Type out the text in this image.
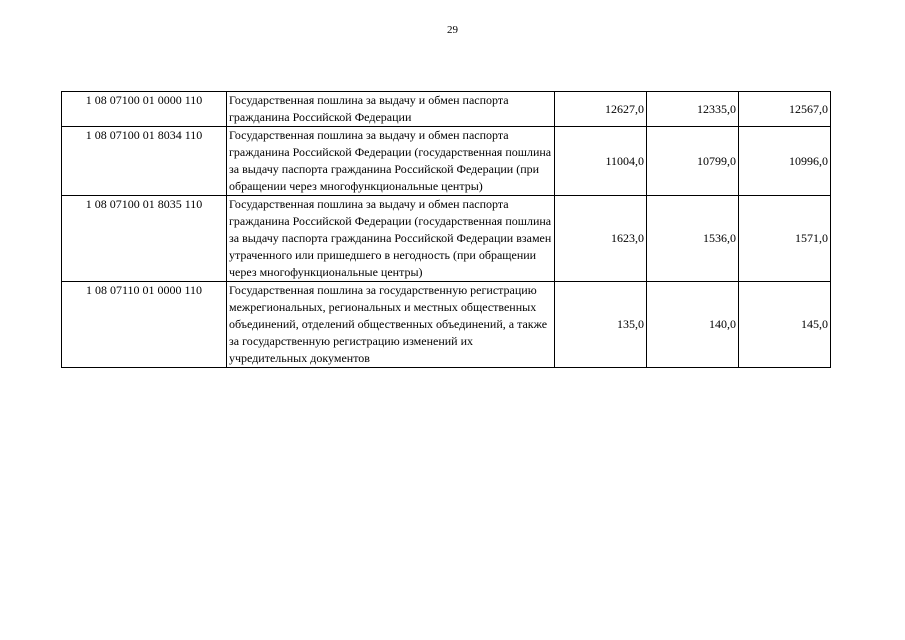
29
1 08 07100 01 0000 110	Государственная пошлина за выдачу и обмен паспорта гражданина Российской Федерации	12627,0	12335,0	12567,0
1 08 07100 01 8034 110	Государственная пошлина за выдачу и обмен паспорта гражданина Российской Федерации (государственная пошлина за выдачу паспорта гражданина Российской Федерации (при обращении через многофункциональные центры)	11004,0	10799,0	10996,0
1 08 07100 01 8035 110	Государственная пошлина за выдачу и обмен паспорта гражданина Российской Федерации (государственная пошлина за выдачу паспорта гражданина Российской Федерации взамен утраченного или пришедшего в негодность (при обращении через многофункциональные центры)	1623,0	1536,0	1571,0
1 08 07110 01 0000 110	Государственная пошлина за государственную регистрацию межрегиональных, региональных и местных общественных объединений, отделений общественных объединений, а также за государственную регистрацию изменений их учредительных документов	135,0	140,0	145,0
